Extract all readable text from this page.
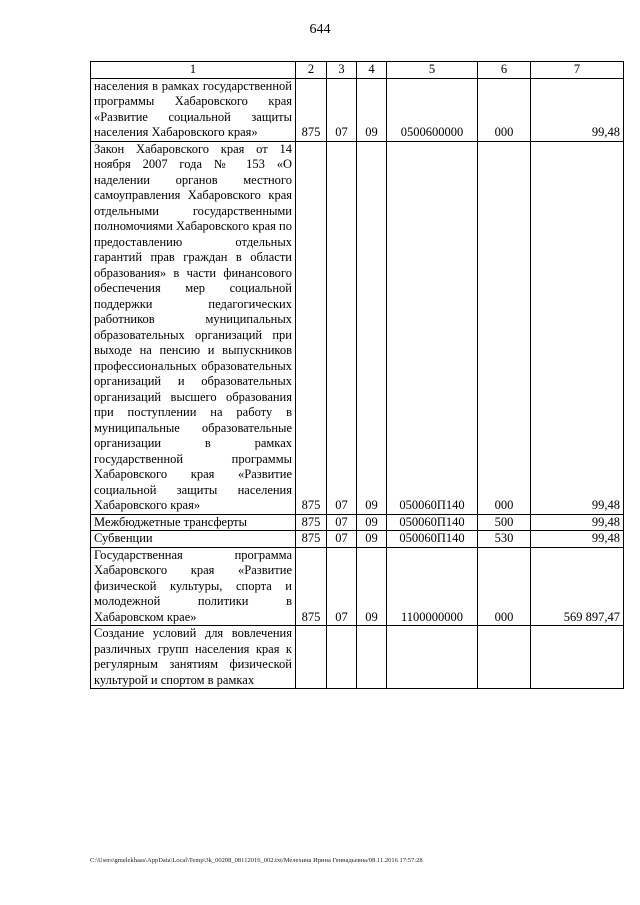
644
1	2	3	4	5	6	7
населения в рамках государственной программы Хабаровского края «Развитие социальной защиты населения Хабаровского края»	875	07	09	0500600000	000	99,48
Закон Хабаровского края от 14 ноября 2007 года № 153 «О наделении органов местного самоуправления Хабаровского края отдельными государственными полномочиями Хабаровского края по предоставлению отдельных гарантий прав граждан в области образования» в части финансового обеспечения мер социальной поддержки педагогических работников муниципальных образовательных организаций при выходе на пенсию и выпускников профессиональных образовательных организаций и образовательных организаций высшего образования при поступлении на работу в муниципальные образовательные организации в рамках государственной программы Хабаровского края «Развитие социальной защиты населения Хабаровского края»	875	07	09	050060П140	000	99,48
Межбюджетные трансферты	875	07	09	050060П140	500	99,48
Субвенции	875	07	09	050060П140	530	99,48
Государственная программа Хабаровского края «Развитие физической культуры, спорта и молодежной политики в Хабаровском крае»	875	07	09	1100000000	000	569 897,47
Создание условий для вовлечения различных групп населения края к регулярным занятиям физической культурой и спортом в рамках						
C:\Users\gmelekhaas\AppData\Local\Temp\3k_00208_08112016_002.txt/Мелехина Ирина Геннадьевна/08.11.2016 17:57:28
